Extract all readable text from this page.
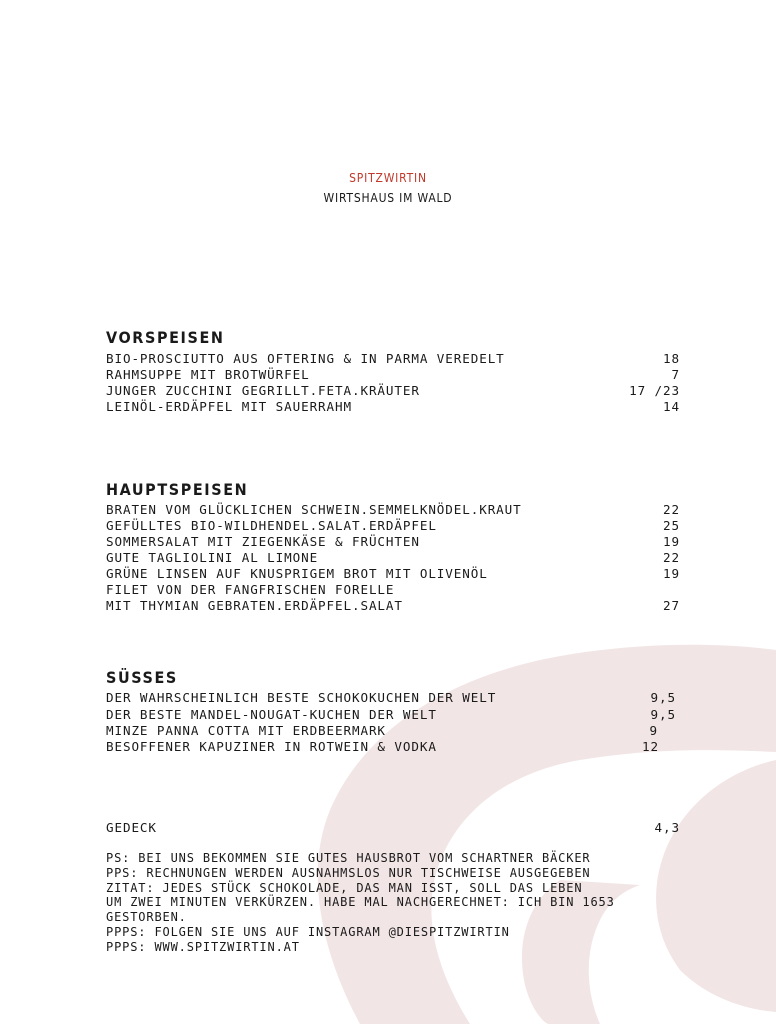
SPITZWIRTIN
WIRTSHAUS IM WALD
VORSPEISEN
BIO-PROSCIUTTO AUS OFTERING & IN PARMA VEREDELT	18
RAHMSUPPE MIT BROTWÜRFEL	7
JUNGER ZUCCHINI GEGRILLT.FETA.KRÄUTER	17 /23
LEINÖL-ERDÄPFEL MIT SAUERRAHM	14
HAUPTSPEISEN
BRATEN VOM GLÜCKLICHEN SCHWEIN.SEMMELKNÖDEL.KRAUT	22
GEFÜLLTES BIO-WILDHENDEL.SALAT.ERDÄPFEL	25
SOMMERSALAT MIT ZIEGENKÄSE & FRÜCHTEN	19
GUTE TAGLIOLINI AL LIMONE	22
GRÜNE LINSEN AUF KNUSPRIGEM BROT MIT OLIVENÖL	19
FILET VON DER FANGFRISCHEN FORELLE
MIT THYMIAN GEBRATEN.ERDÄPFEL.SALAT	27
SÜSSES
DER WAHRSCHEINLICH BESTE SCHOKOKUCHEN DER WELT	9,5
DER BESTE MANDEL-NOUGAT-KUCHEN DER WELT	9,5
MINZE PANNA COTTA MIT ERDBEERMARK	9
BESOFFENER KAPUZINER IN ROTWEIN & VODKA	12
GEDECK	4,3
PS: BEI UNS BEKOMMEN SIE GUTES HAUSBROT VOM SCHARTNER BÄCKER
PPS: RECHNUNGEN WERDEN AUSNAHMSLOS NUR TISCHWEISE AUSGEGEBEN
ZITAT: JEDES STÜCK SCHOKOLADE, DAS MAN ISST, SOLL DAS LEBEN
UM ZWEI MINUTEN VERKÜRZEN. HABE MAL NACHGERECHNET: ICH BIN 1653
GESTORBEN.
PPPS: FOLGEN SIE UNS AUF INSTAGRAM @DIESPITZWIRTIN
PPPS: WWW.SPITZWIRTIN.AT
